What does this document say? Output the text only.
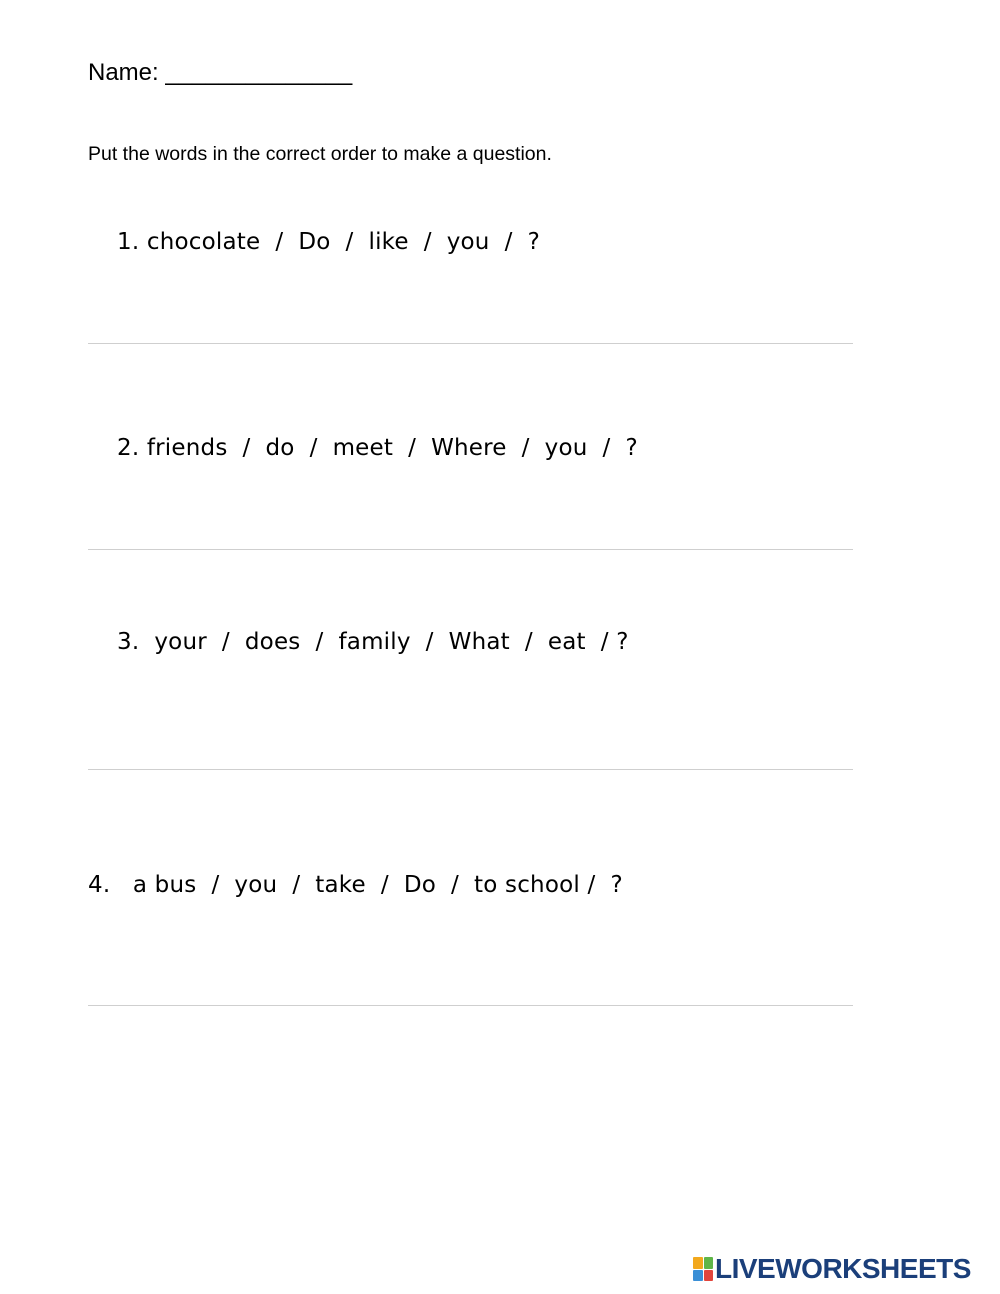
Name: ______________
Put the words in the correct order to make a question.
1. chocolate  /  Do  /  like  /  you  /  ?
2. friends  /  do  /  meet  /  Where  /  you  /  ?
3.  your  /  does  /  family  /  What  /  eat  / ?
4.   a bus  /  you  /  take  /  Do  /  to school /  ?
LIVEWORKSHEETS
